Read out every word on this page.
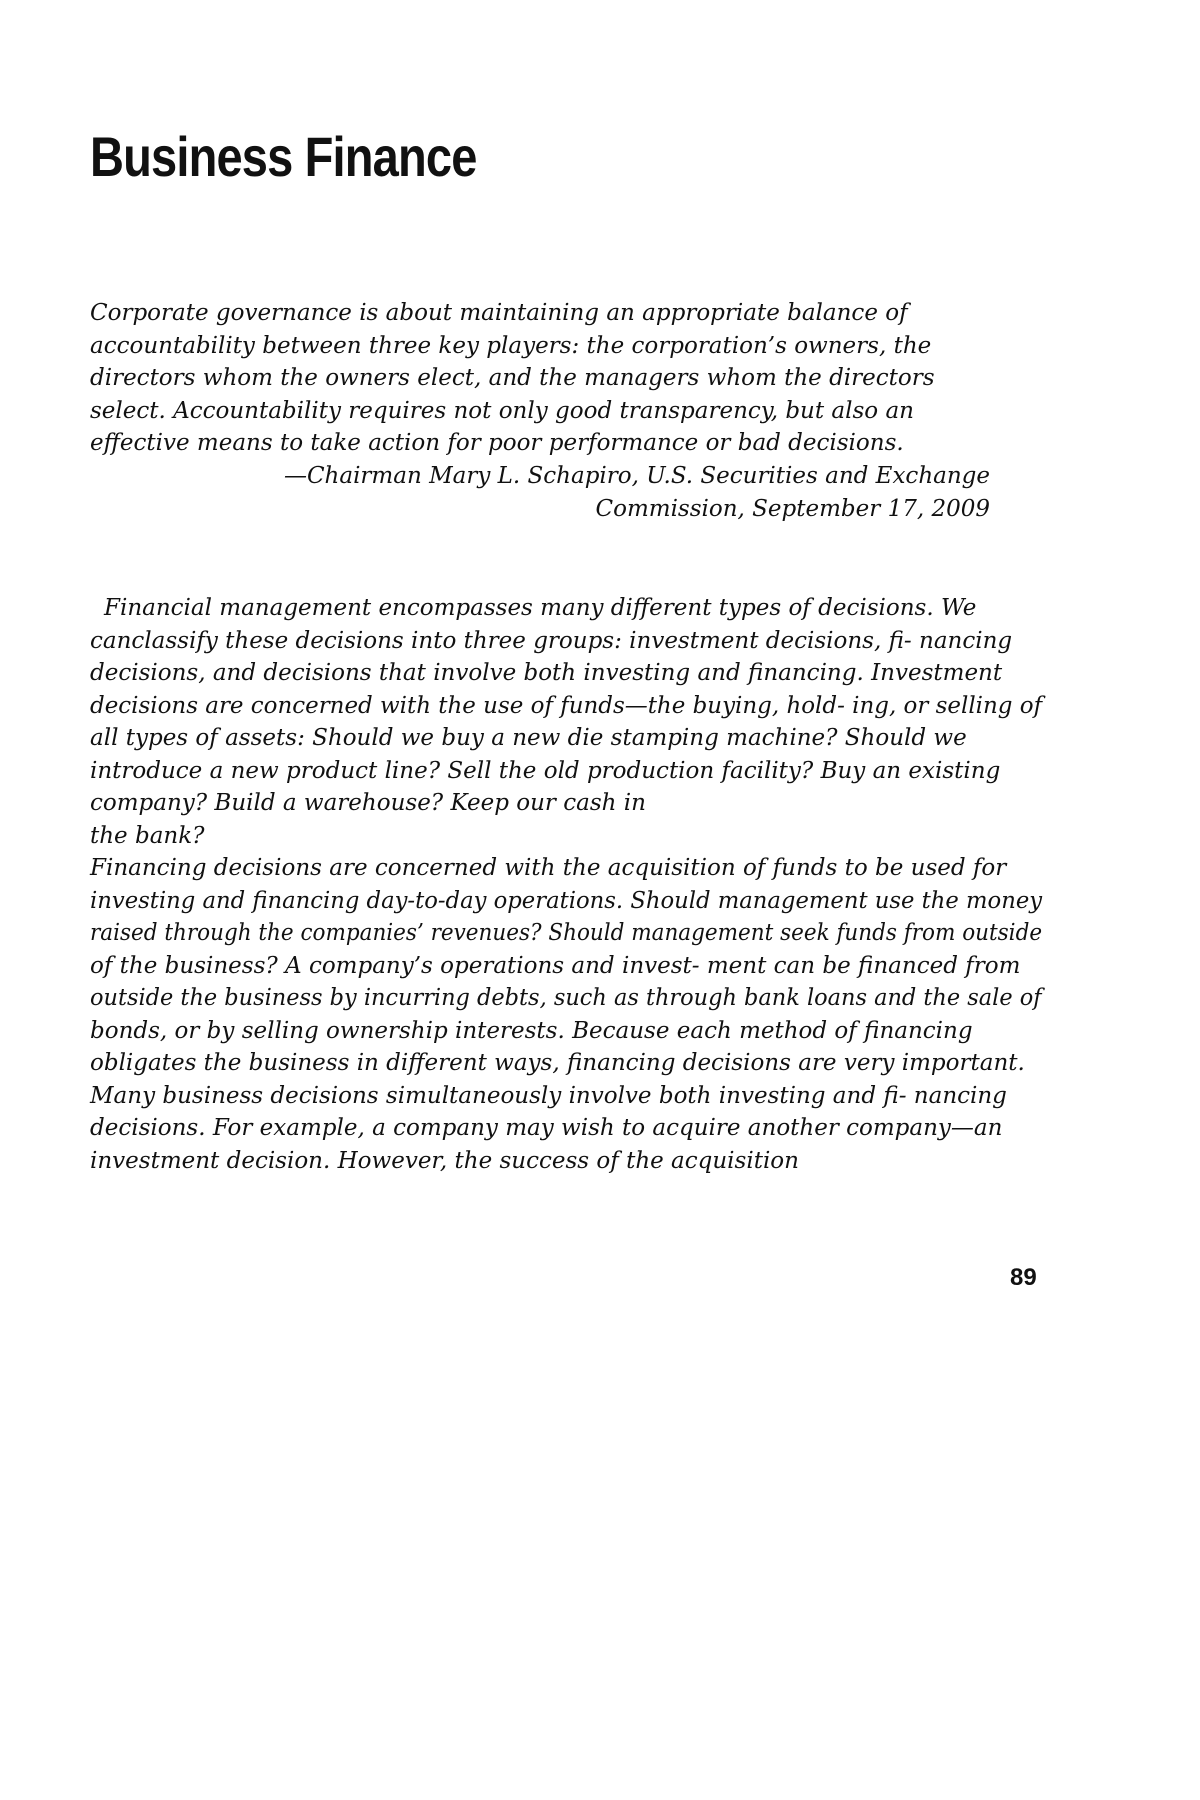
Business Finance
Corporate governance is about maintaining an appropriate balance of
accountability between three key players: the corporation’s owners, the
directors whom the owners elect, and the managers whom the directors
select. Accountability requires not only good transparency, but also an
effective means to take action for poor performance or bad decisions.
—Chairman Mary L. Schapiro, U.S. Securities and Exchange
Commission, September 17, 2009
Financial management encompasses many different types of decisions. We
canclassify these decisions into three groups: investment decisions, fi- nancing
decisions, and decisions that involve both investing and financing. Investment
decisions are concerned with the use of funds—the buying, hold- ing, or selling of
all types of assets: Should we buy a new die stamping machine? Should we
introduce a new product line? Sell the old production facility? Buy an existing
company? Build a warehouse? Keep our cash in
the bank?
Financing decisions are concerned with the acquisition of funds to be used for
investing and financing day-to-day operations. Should management use the money
raised through the companies’ revenues? Should management seek funds from outside
of the business? A company’s operations and invest- ment can be financed from
outside the business by incurring debts, such as through bank loans and the sale of
bonds, or by selling ownership interests. Because each method of financing
obligates the business in different ways, financing decisions are very important.
Many business decisions simultaneously involve both investing and fi- nancing
decisions. For example, a company may wish to acquire another company—an
investment decision. However, the success of the acquisition
89
